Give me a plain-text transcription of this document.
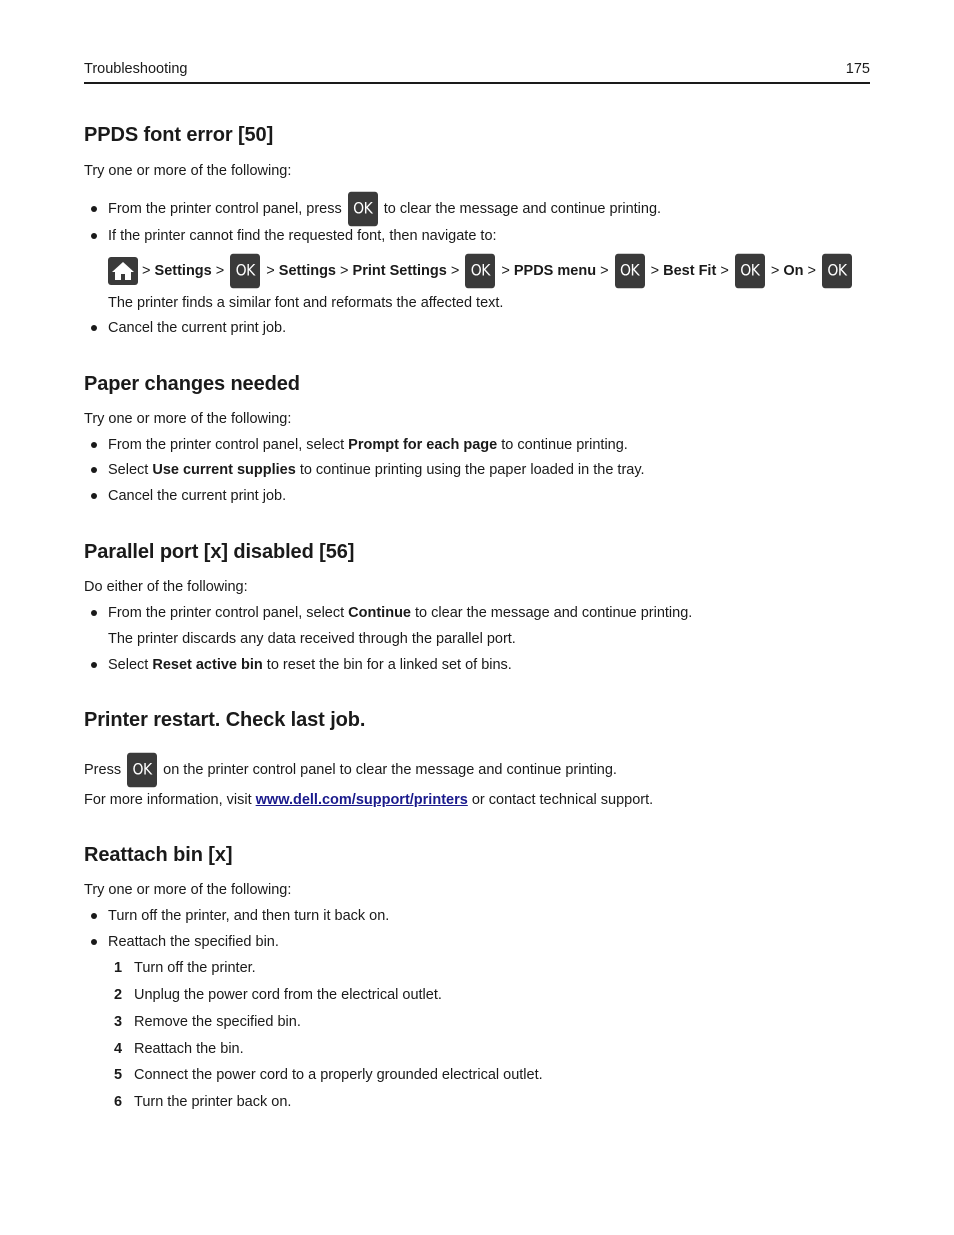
Troubleshooting	175
PPDS font error [50]

Try one or more of the following:

From the printer control panel, press OK to clear the message and continue printing.
If the printer cannot find the requested font, then navigate to:
> Settings > OK > Settings > Print Settings > OK > PPDS menu > OK > Best Fit > OK > On > OK
The printer finds a similar font and reformats the affected text.
Cancel the current print job.
Paper changes needed

Try one or more of the following:

From the printer control panel, select Prompt for each page to continue printing.
Select Use current supplies to continue printing using the paper loaded in the tray.
Cancel the current print job.
Parallel port [x] disabled [56]

Do either of the following:

From the printer control panel, select Continue to clear the message and continue printing.
The printer discards any data received through the parallel port.
Select Reset active bin to reset the bin for a linked set of bins.
Printer restart. Check last job.
Press OK on the printer control panel to clear the message and continue printing.
For more information, visit www.dell.com/support/printers or contact technical support.
Reattach bin [x]

Try one or more of the following:

Turn off the printer, and then turn it back on.
Reattach the specified bin.
1 Turn off the printer.
2 Unplug the power cord from the electrical outlet.
3 Remove the specified bin.
4 Reattach the bin.
5 Connect the power cord to a properly grounded electrical outlet.
6 Turn the printer back on.
